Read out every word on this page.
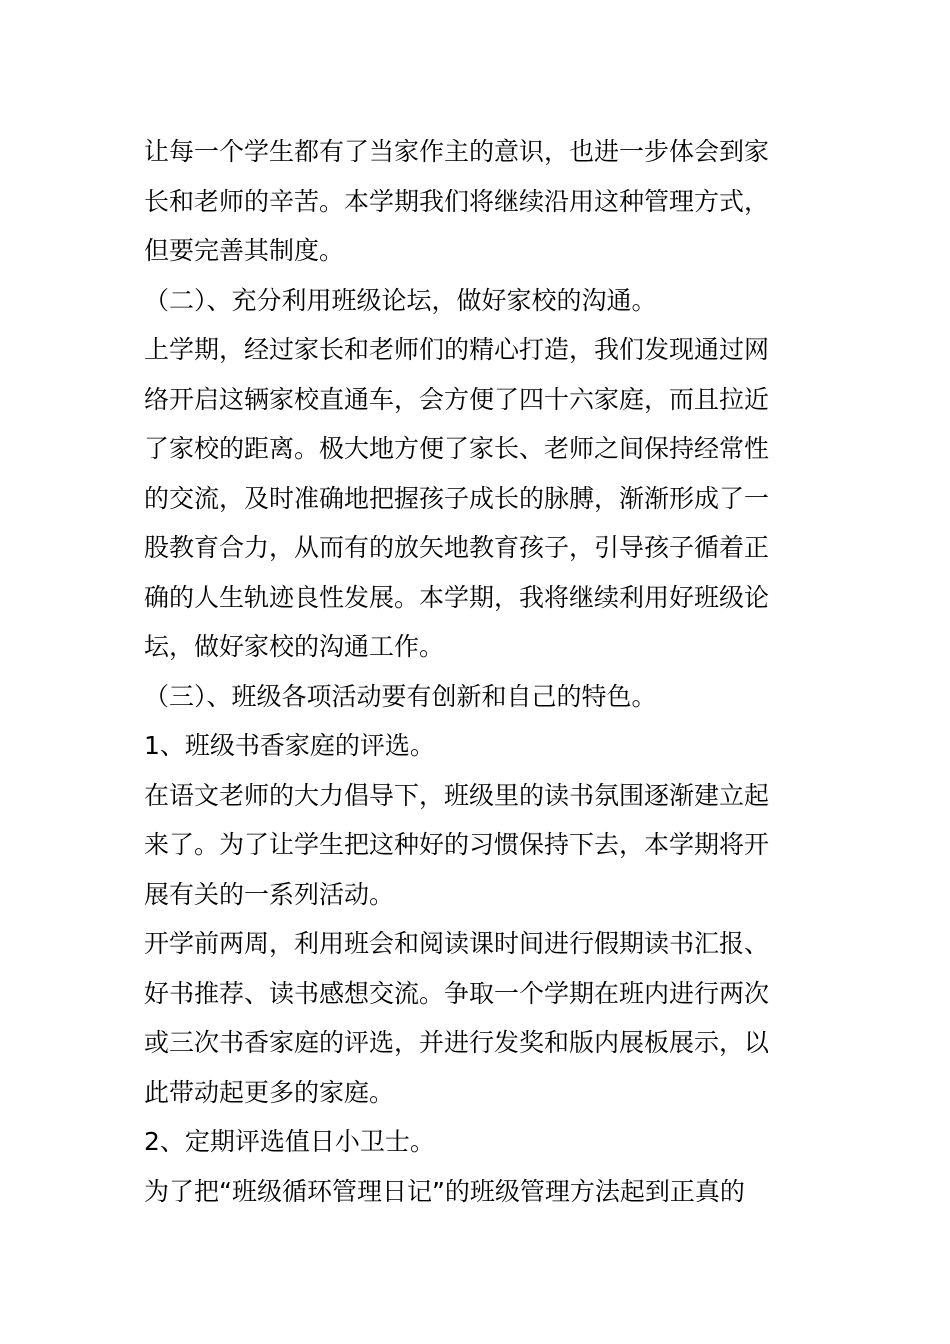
让每一个学生都有了当家作主的意识，也进一步体会到家
长和老师的辛苦。本学期我们将继续沿用这种管理方式，
但要完善其制度。
（二）、充分利用班级论坛，做好家校的沟通。
上学期，经过家长和老师们的精心打造，我们发现通过网
络开启这辆家校直通车，会方便了四十六家庭，而且拉近
了家校的距离。极大地方便了家长、老师之间保持经常性
的交流，及时准确地把握孩子成长的脉膊，渐渐形成了一
股教育合力，从而有的放矢地教育孩子，引导孩子循着正
确的人生轨迹良性发展。本学期，我将继续利用好班级论
坛，做好家校的沟通工作。
（三）、班级各项活动要有创新和自己的特色。
1、班级书香家庭的评选。
在语文老师的大力倡导下，班级里的读书氛围逐渐建立起
来了。为了让学生把这种好的习惯保持下去，本学期将开
展有关的一系列活动。
开学前两周，利用班会和阅读课时间进行假期读书汇报、
好书推荐、读书感想交流。争取一个学期在班内进行两次
或三次书香家庭的评选，并进行发奖和版内展板展示，以
此带动起更多的家庭。
2、定期评选值日小卫士。
为了把“班级循环管理日记”的班级管理方法起到正真的
